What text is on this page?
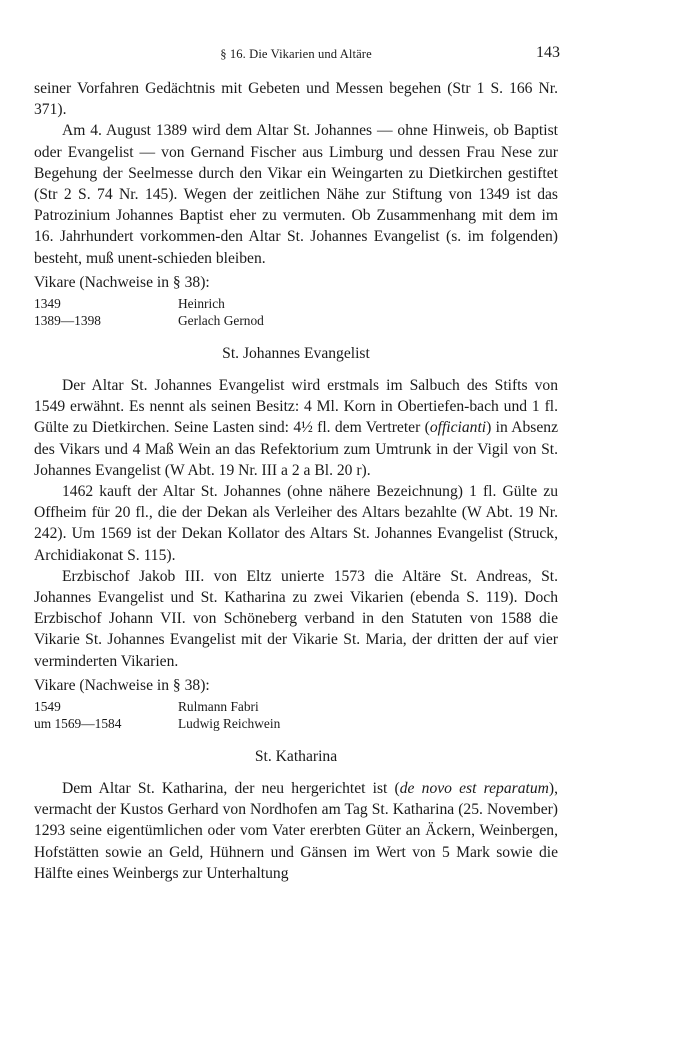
§ 16. Die Vikarien und Altäre	143

seiner Vorfahren Gedächtnis mit Gebeten und Messen begehen (Str 1 S. 166 Nr. 371).

Am 4. August 1389 wird dem Altar St. Johannes — ohne Hinweis, ob Baptist oder Evangelist — von Gernand Fischer aus Limburg und dessen Frau Nese zur Begehung der Seelmesse durch den Vikar ein Weingarten zu Dietkirchen gestiftet (Str 2 S. 74 Nr. 145). Wegen der zeitlichen Nähe zur Stiftung von 1349 ist das Patrozinium Johannes Baptist eher zu vermuten. Ob Zusammenhang mit dem im 16. Jahrhundert vorkommen-den Altar St. Johannes Evangelist (s. im folgenden) besteht, muß unent-schieden bleiben.

Vikare (Nachweise in § 38):
1349	Heinrich
1389—1398	Gerlach Gernod
St. Johannes Evangelist

Der Altar St. Johannes Evangelist wird erstmals im Salbuch des Stifts von 1549 erwähnt. Es nennt als seinen Besitz: 4 Ml. Korn in Obertiefen-bach und 1 fl. Gülte zu Dietkirchen. Seine Lasten sind: 4½ fl. dem Vertreter (officianti) in Absenz des Vikars und 4 Maß Wein an das Refektorium zum Umtrunk in der Vigil von St. Johannes Evangelist (W Abt. 19 Nr. III a 2 a Bl. 20 r).

1462 kauft der Altar St. Johannes (ohne nähere Bezeichnung) 1 fl. Gülte zu Offheim für 20 fl., die der Dekan als Verleiher des Altars bezahlte (W Abt. 19 Nr. 242). Um 1569 ist der Dekan Kollator des Altars St. Johannes Evangelist (Struck, Archidiakonat S. 115).

Erzbischof Jakob III. von Eltz unierte 1573 die Altäre St. Andreas, St. Johannes Evangelist und St. Katharina zu zwei Vikarien (ebenda S. 119). Doch Erzbischof Johann VII. von Schöneberg verband in den Statuten von 1588 die Vikarie St. Johannes Evangelist mit der Vikarie St. Maria, der dritten der auf vier verminderten Vikarien.

Vikare (Nachweise in § 38):
1549	Rulmann Fabri
um 1569—1584	Ludwig Reichwein
St. Katharina

Dem Altar St. Katharina, der neu hergerichtet ist (de novo est reparatum), vermacht der Kustos Gerhard von Nordhofen am Tag St. Katharina (25. November) 1293 seine eigentümlichen oder vom Vater ererbten Güter an Äckern, Weinbergen, Hofstätten sowie an Geld, Hühnern und Gänsen im Wert von 5 Mark sowie die Hälfte eines Weinbergs zur Unterhaltung
